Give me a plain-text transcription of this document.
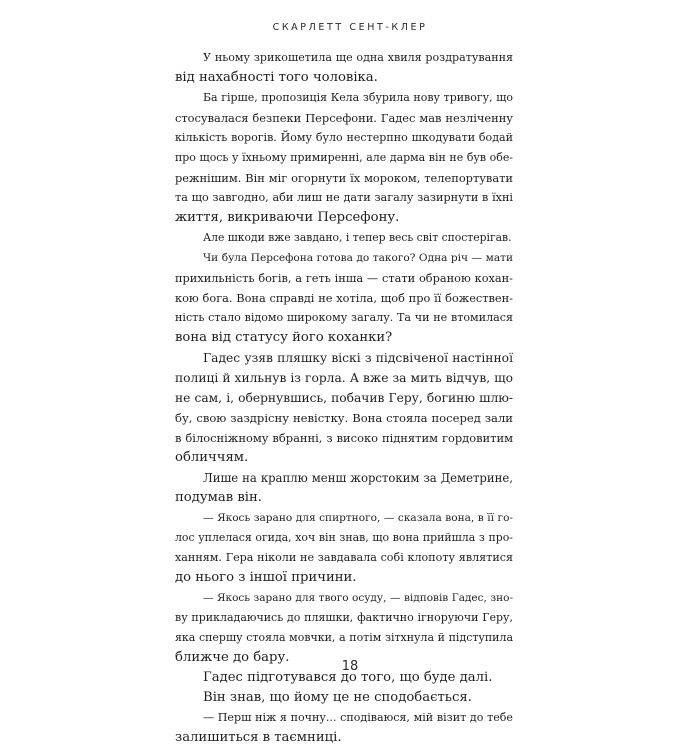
СКАРЛЕТТ СЕНТ-КЛЕР
У ньому зрикошетила ще одна хвиля роздратування
від нахабності того чоловіка.
Ба гірше, пропозиція Кела збурила нову тривогу, що
стосувалася безпеки Персефони. Гадес мав незліченну
кількість ворогів. Йому було нестерпно шкодувати бодай
про щось у їхньому примиренні, але дарма він не був обе-
режнішим. Він міг огорнути їх мороком, телепортувати
та що завгодно, аби лиш не дати загалу зазирнути в їхні
життя, викриваючи Персефону.
Але шкоди вже завдано, і тепер весь світ спостерігав.
Чи була Персефона готова до такого? Одна річ — мати
прихильність богів, а геть інша — стати обраною кохан-
кою бога. Вона справді не хотіла, щоб про її божествен-
ність стало відомо широкому загалу. Та чи не втомилася
вона від статусу його коханки?
Гадес узяв пляшку віскі з підсвіченої настінної
полиці й хильнув із горла. А вже за мить відчув, що
не сам, і, обернувшись, побачив Геру, богиню шлю-
бу, свою заздрісну невістку. Вона стояла посеред зали
в білосніжному вбранні, з високо піднятим гордовитим
обличчям.
Лише на краплю менш жорстоким за Деметрине,
подумав він.
— Якось зарано для спиртного, — сказала вона, в її го-
лос уплелася огида, хоч він знав, що вона прийшла з про-
ханням. Гера ніколи не завдавала собі клопоту являтися
до нього з іншої причини.
— Якось зарано для твого осуду, — відповів Гадес, зно-
ву прикладаючись до пляшки, фактично ігноруючи Геру,
яка спершу стояла мовчки, а потім зітхнула й підступила
ближче до бару.
Гадес підготувався до того, що буде далі.
Він знав, що йому це не сподобається.
— Перш ніж я почну... сподіваюся, мій візит до тебе
залишиться в таємниці.
18
